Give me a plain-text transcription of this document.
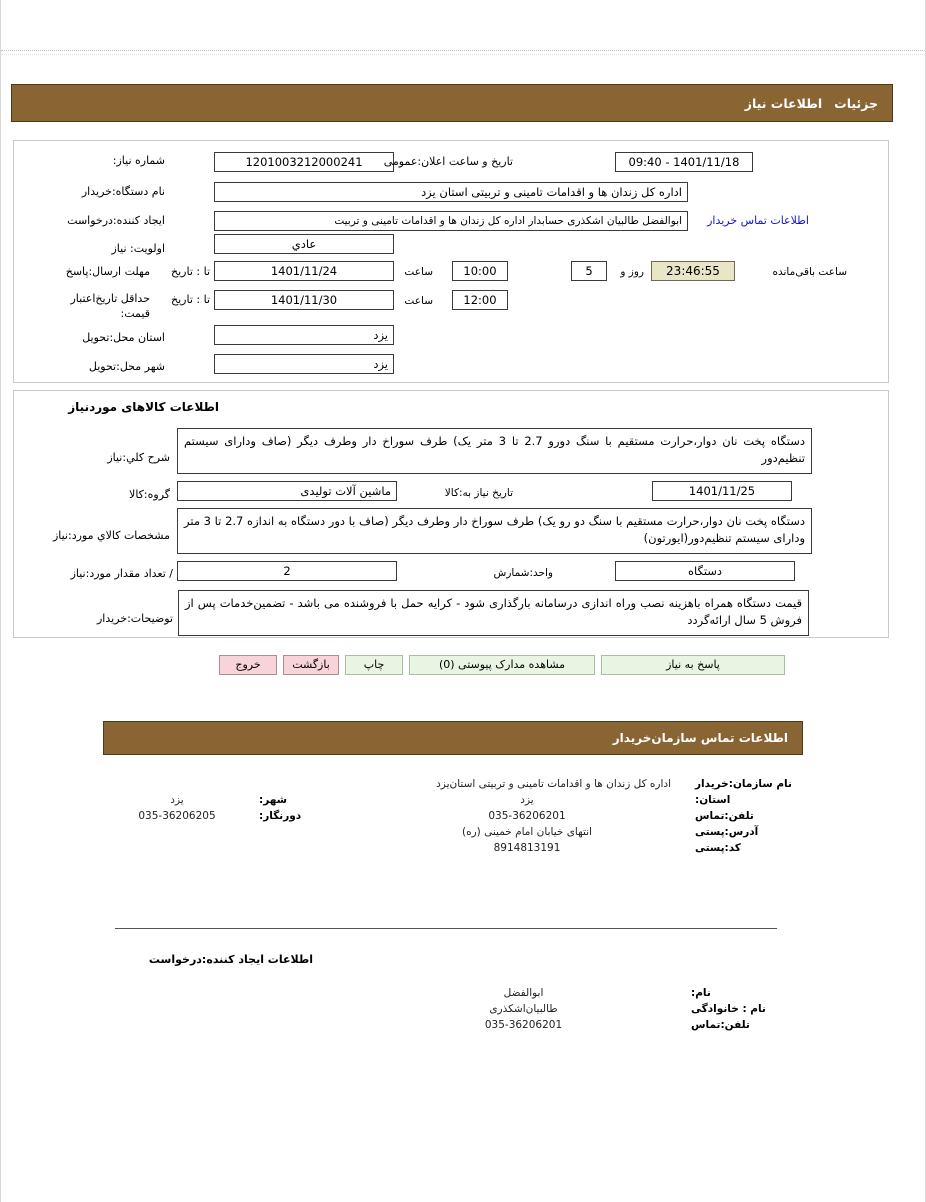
جزئیات
اطلاعات نیاز
شماره نیاز:	1201003212000241	تاریخ و ساعت اعلان:عمومی	1401/11/18 - 09:40
نام دستگاه:خریدار	اداره کل زندان ها و اقدامات تامینی و تربیتی استان یزد
ایجاد کننده:درخواست	ابوالفضل طالبیان اشکذری حسابدار اداره کل زندان ها و اقدامات تامینی و تربیت	اطلاعات تماس خریدار
اولویت: نیاز	عادي
مهلت ارسال:پاسخ تا : تاریخ	1401/11/24	ساعت	10:00	5	روز و	23:46:55	ساعت باقی‌مانده
حداقل تاریخ‌اعتبار قیمت:
تا : تاریخ	1401/11/30	ساعت	12:00
استان محل:تحویل	یزد
شهر محل:تحویل	یزد
اطلاعات کالاهای موردنیاز
شرح کلي:نیاز
دستگاه پخت نان دوار،حرارت مستقیم با سنگ دورو 2.7 تا 3 متر یک) طرف سوراخ دار وطرف دیگر (صاف ودارای سیستم تنظیم‌دور
گروه:کالا	ماشین آلات تولیدی	تاریخ نیاز به:کالا	1401/11/25
مشخصات کالاي مورد:نیاز
دستگاه پخت نان دوار،حرارت مستقیم با سنگ دو رو یک) طرف سوراخ دار وطرف دیگر (صاف با دور دستگاه به اندازه 2.7 تا 3 متر ودارای سیستم تنظیم‌دور(ایورتون)
/ تعداد مقدار مورد:نیاز	2	واحد:شمارش	دستگاه
توضیحات:خریدار
قیمت دستگاه همراه باهزینه نصب وراه اندازی درسامانه بارگذاری شود - کرایه حمل با فروشنده می باشد - تضمین‌خدمات پس از فروش 5 سال ارائه‌گردد
پاسخ به نیاز
مشاهده مدارک پیوستی (0)
چاپ
بازگشت
خروج
اطلاعات تماس سازمان‌خریدار
نام سازمان:خریدار	اداره کل زندان ها و اقدامات تامینی و تربیتی استان‌یزد		
استان:	یزد	شهر:	یزد
تلفن:تماس	035-36206201	دورنگار:	035-36206205
آدرس:پستی	انتهای خیابان امام خمینی (ره)		
کد:پستی	8914813191		
اطلاعات ایجاد کننده:درخواست
نام:	ابوالفضل	
نام : خانوادگی	طالبیان‌اشکذری	
تلفن:تماس	035-36206201	
